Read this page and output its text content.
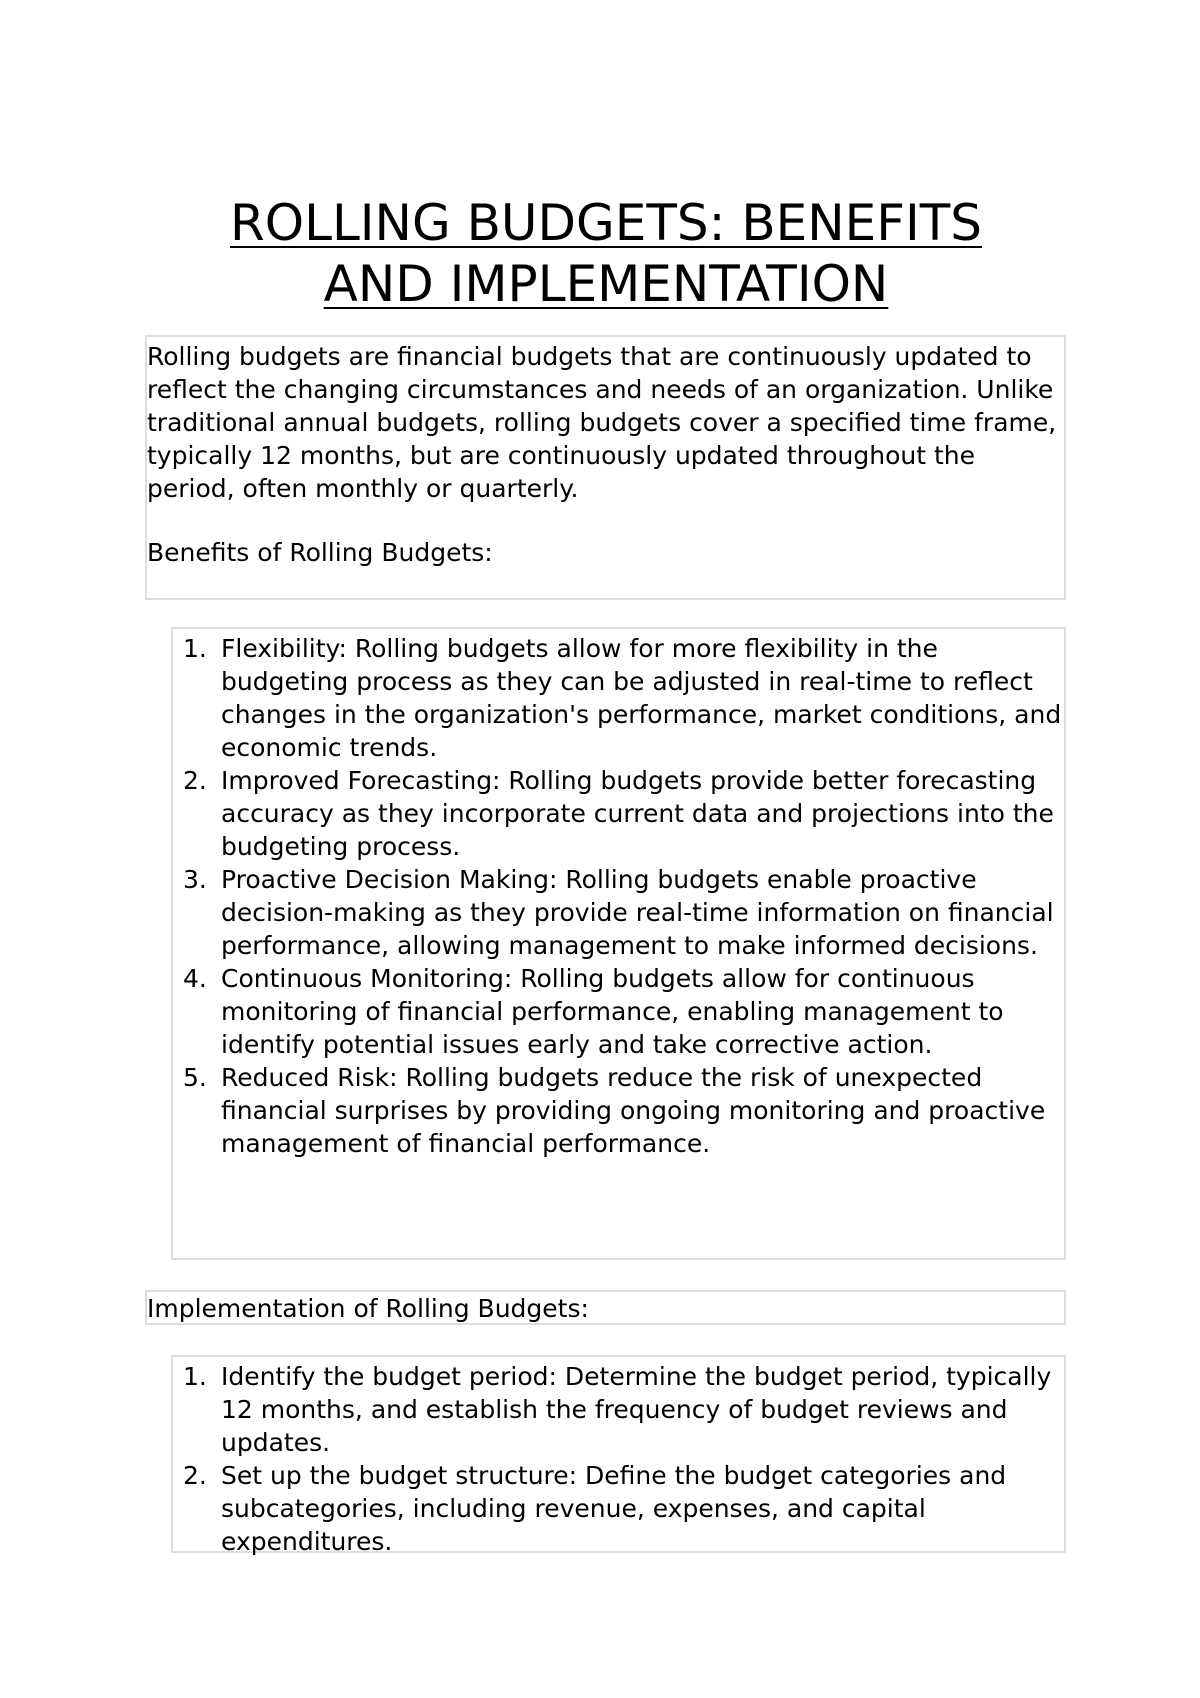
ROLLING BUDGETS: BENEFITS
AND IMPLEMENTATION

Rolling budgets are financial budgets that are continuously updated to reflect the changing circumstances and needs of an organization. Unlike traditional annual budgets, rolling budgets cover a specified time frame, typically 12 months, but are continuously updated throughout the period, often monthly or quarterly.

Benefits of Rolling Budgets:

1. Flexibility: Rolling budgets allow for more flexibility in the budgeting process as they can be adjusted in real-time to reflect changes in the organization's performance, market conditions, and economic trends.
2. Improved Forecasting: Rolling budgets provide better forecasting accuracy as they incorporate current data and projections into the budgeting process.
3. Proactive Decision Making: Rolling budgets enable proactive decision-making as they provide real-time information on financial performance, allowing management to make informed decisions.
4. Continuous Monitoring: Rolling budgets allow for continuous monitoring of financial performance, enabling management to identify potential issues early and take corrective action.
5. Reduced Risk: Rolling budgets reduce the risk of unexpected financial surprises by providing ongoing monitoring and proactive management of financial performance.

Implementation of Rolling Budgets:

1. Identify the budget period: Determine the budget period, typically 12 months, and establish the frequency of budget reviews and updates.
2. Set up the budget structure: Define the budget categories and subcategories, including revenue, expenses, and capital expenditures.
